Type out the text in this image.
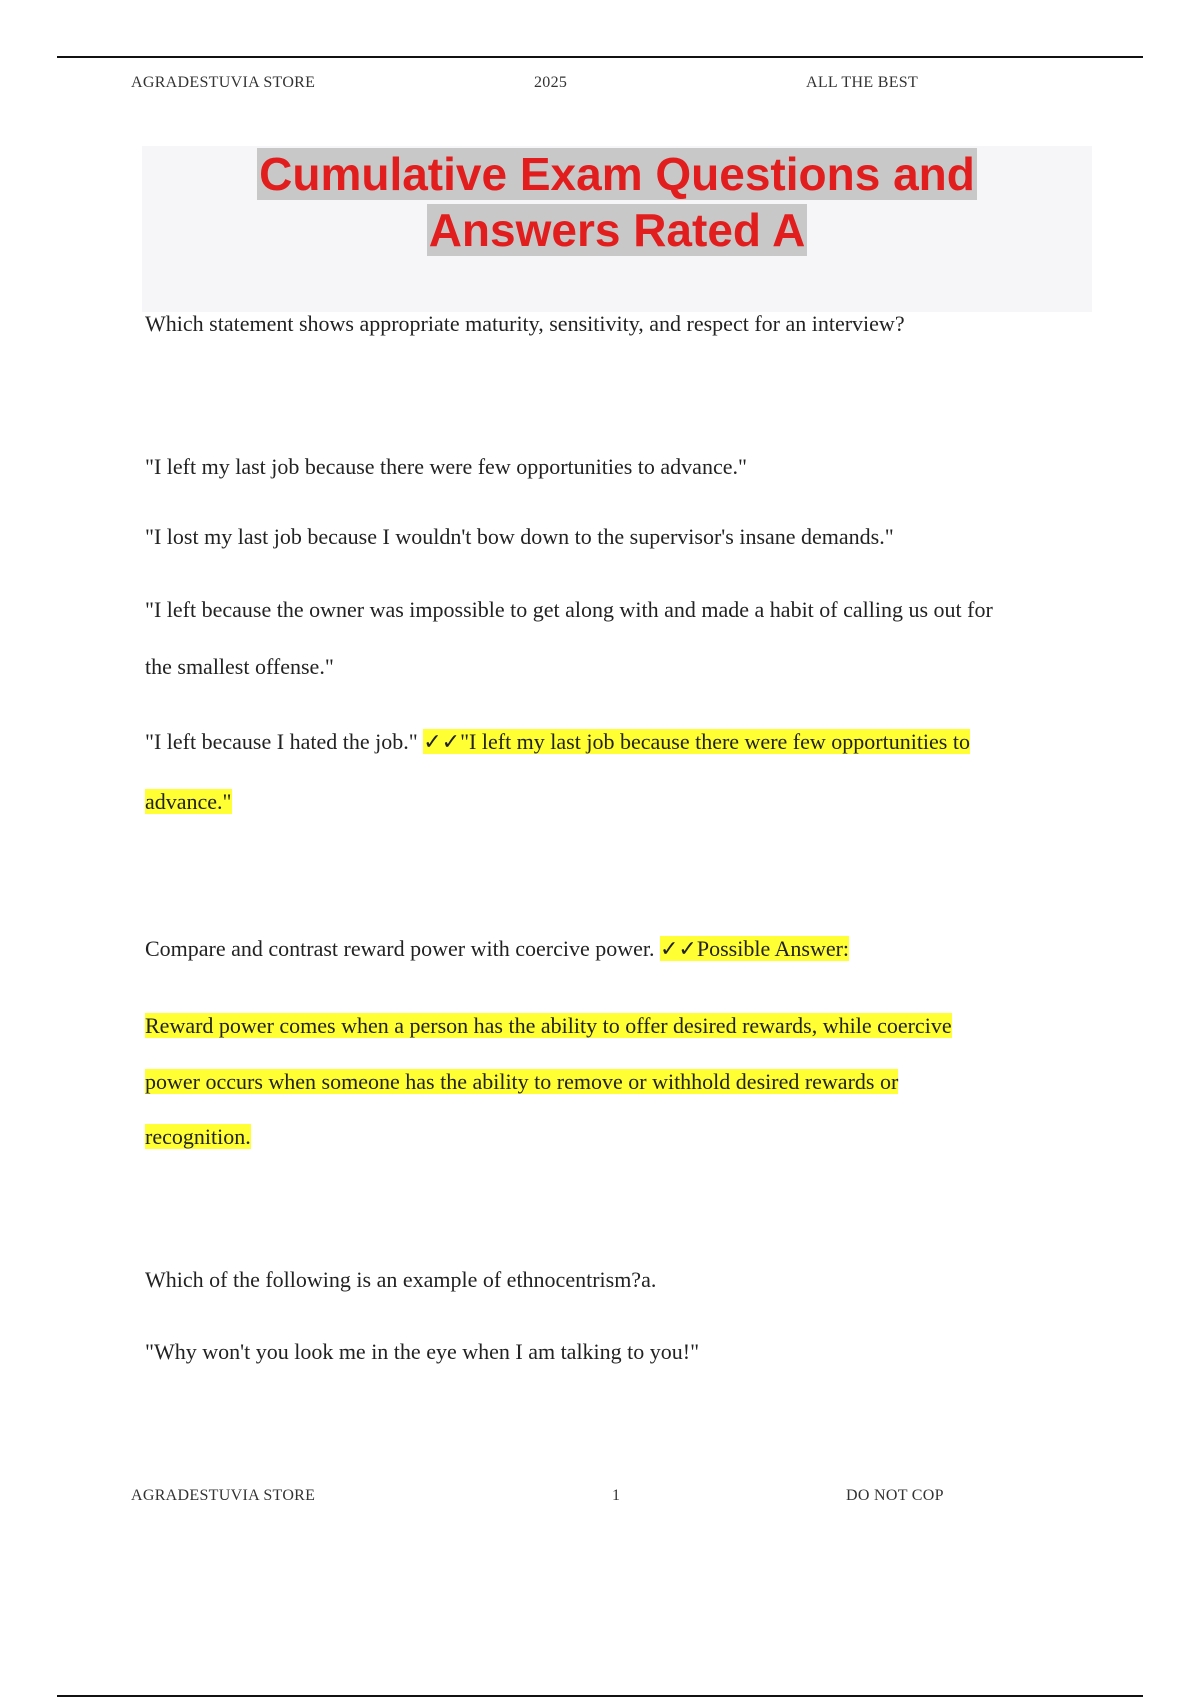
AGRADESTUVIA STORE	2025	ALL THE BEST
Cumulative Exam Questions and
Answers Rated A
Which statement shows appropriate maturity, sensitivity, and respect for an interview?
"I left my last job because there were few opportunities to advance."
"I lost my last job because I wouldn't bow down to the supervisor's insane demands."
"I left because the owner was impossible to get along with and made a habit of calling us out for
the smallest offense."
"I left because I hated the job." ✓✓"I left my last job because there were few opportunities to
advance."
Compare and contrast reward power with coercive power. ✓✓Possible Answer:
Reward power comes when a person has the ability to offer desired rewards, while coercive
power occurs when someone has the ability to remove or withhold desired rewards or
recognition.
Which of the following is an example of ethnocentrism?a.
"Why won't you look me in the eye when I am talking to you!"
AGRADESTUVIA STORE	1	DO NOT COP
